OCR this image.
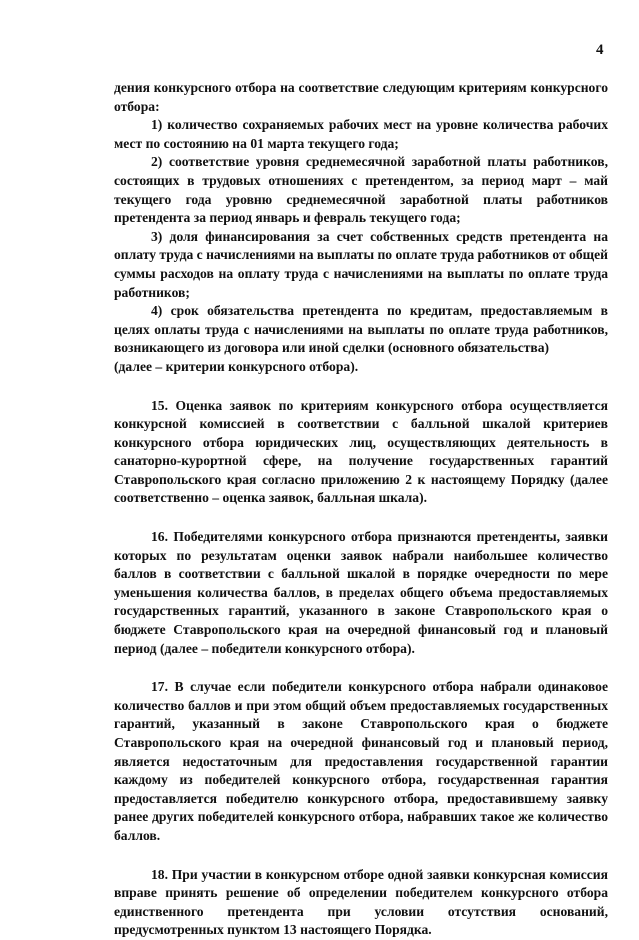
4

дения конкурсного отбора на соответствие следующим критериям конкурсного отбора:

1) количество сохраняемых рабочих мест на уровне количества рабочих мест по состоянию на 01 марта текущего года;

2) соответствие уровня среднемесячной заработной платы работников, состоящих в трудовых отношениях с претендентом, за период март – май текущего года уровню среднемесячной заработной платы работников претендента за период январь и февраль текущего года;

3) доля финансирования за счет собственных средств претендента на оплату труда с начислениями на выплаты по оплате труда работников от общей суммы расходов на оплату труда с начислениями на выплаты по оплате труда работников;

4) срок обязательства претендента по кредитам, предоставляемым в целях оплаты труда с начислениями на выплаты по оплате труда работников, возникающего из договора или иной сделки (основного обязательства)

(далее – критерии конкурсного отбора).

15. Оценка заявок по критериям конкурсного отбора осуществляется конкурсной комиссией в соответствии с балльной шкалой критериев конкурсного отбора юридических лиц, осуществляющих деятельность в санаторно-курортной сфере, на получение государственных гарантий Ставропольского края согласно приложению 2 к настоящему Порядку (далее соответственно – оценка заявок, балльная шкала).

16. Победителями конкурсного отбора признаются претенденты, заявки которых по результатам оценки заявок набрали наибольшее количество баллов в соответствии с балльной шкалой в порядке очередности по мере уменьшения количества баллов, в пределах общего объема предоставляемых государственных гарантий, указанного в законе Ставропольского края о бюджете Ставропольского края на очередной финансовый год и плановый период (далее – победители конкурсного отбора).

17. В случае если победители конкурсного отбора набрали одинаковое количество баллов и при этом общий объем предоставляемых государственных гарантий, указанный в законе Ставропольского края о бюджете Ставропольского края на очередной финансовый год и плановый период, является недостаточным для предоставления государственной гарантии каждому из победителей конкурсного отбора, государственная гарантия предоставляется победителю конкурсного отбора, предоставившему заявку ранее других победителей конкурсного отбора, набравших такое же количество баллов.

18. При участии в конкурсном отборе одной заявки конкурсная комиссия вправе принять решение об определении победителем конкурсного отбора единственного претендента при условии отсутствия оснований, предусмотренных пунктом 13 настоящего Порядка.
